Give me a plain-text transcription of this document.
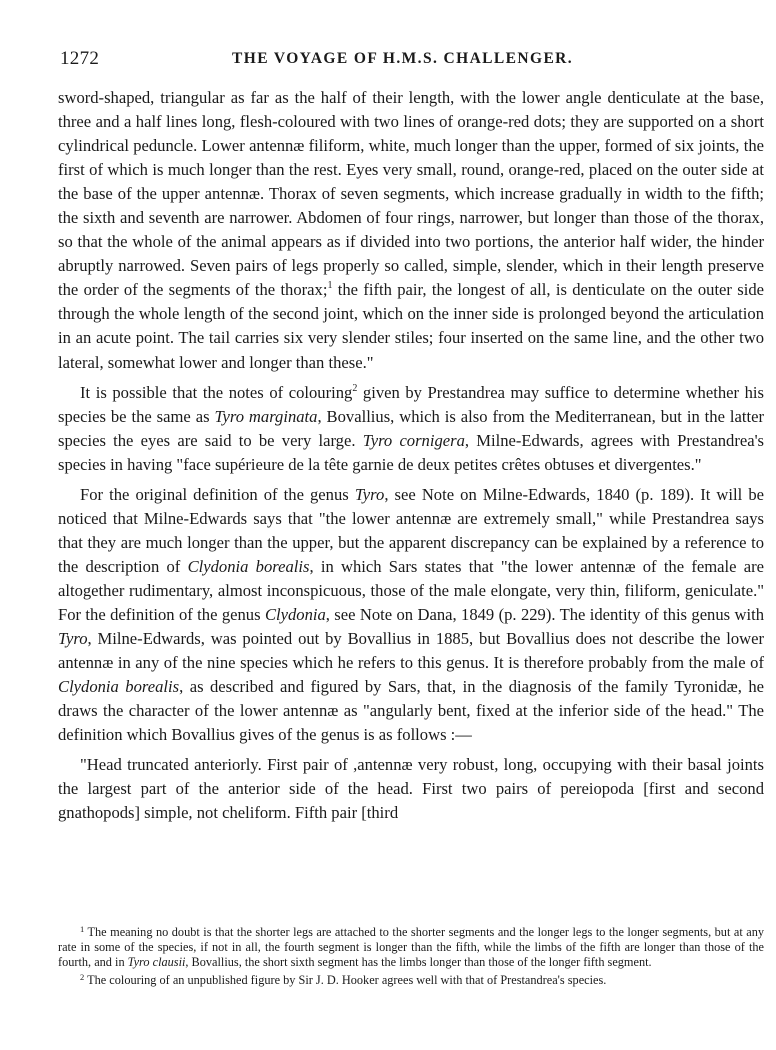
1272	THE VOYAGE OF H.M.S. CHALLENGER.

sword-shaped, triangular as far as the half of their length, with the lower angle denticulate at the base, three and a half lines long, flesh-coloured with two lines of orange-red dots; they are supported on a short cylindrical peduncle. Lower antennæ filiform, white, much longer than the upper, formed of six joints, the first of which is much longer than the rest. Eyes very small, round, orange-red, placed on the outer side at the base of the upper antennæ. Thorax of seven segments, which increase gradually in width to the fifth; the sixth and seventh are narrower. Abdomen of four rings, narrower, but longer than those of the thorax, so that the whole of the animal appears as if divided into two portions, the anterior half wider, the hinder abruptly narrowed. Seven pairs of legs properly so called, simple, slender, which in their length preserve the order of the segments of the thorax;$^1$ the fifth pair, the longest of all, is denticulate on the outer side through the whole length of the second joint, which on the inner side is prolonged beyond the articulation in an acute point. The tail carries six very slender stiles; four inserted on the same line, and the other two lateral, somewhat lower and longer than these."

It is possible that the notes of colouring$^2$ given by Prestandrea may suffice to determine whether his species be the same as Tyro marginata, Bovallius, which is also from the Mediterranean, but in the latter species the eyes are said to be very large. Tyro cornigera, Milne-Edwards, agrees with Prestandrea's species in having "face supérieure de la tête garnie de deux petites crêtes obtuses et divergentes."

For the original definition of the genus Tyro, see Note on Milne-Edwards, 1840 (p. 189). It will be noticed that Milne-Edwards says that "the lower antennæ are extremely small," while Prestandrea says that they are much longer than the upper, but the apparent discrepancy can be explained by a reference to the description of Clydonia borealis, in which Sars states that "the lower antennæ of the female are altogether rudimentary, almost inconspicuous, those of the male elongate, very thin, filiform, geniculate." For the definition of the genus Clydonia, see Note on Dana, 1849 (p. 229). The identity of this genus with Tyro, Milne-Edwards, was pointed out by Bovallius in 1885, but Bovallius does not describe the lower antennæ in any of the nine species which he refers to this genus. It is therefore probably from the male of Clydonia borealis, as described and figured by Sars, that, in the diagnosis of the family Tyronidæ, he draws the character of the lower antennæ as "angularly bent, fixed at the inferior side of the head." The definition which Bovallius gives of the genus is as follows :—

"Head truncated anteriorly. First pair of ,antennæ very robust, long, occupying with their basal joints the largest part of the anterior side of the head. First two pairs of pereiopoda [first and second gnathopods] simple, not cheliform. Fifth pair [third

$^1$ The meaning no doubt is that the shorter legs are attached to the shorter segments and the longer legs to the longer segments, but at any rate in some of the species, if not in all, the fourth segment is longer than the fifth, while the limbs of the fifth are longer than those of the fourth, and in Tyro clausii, Bovallius, the short sixth segment has the limbs longer than those of the longer fifth segment.

$^2$ The colouring of an unpublished figure by Sir J. D. Hooker agrees well with that of Prestandrea's species.
